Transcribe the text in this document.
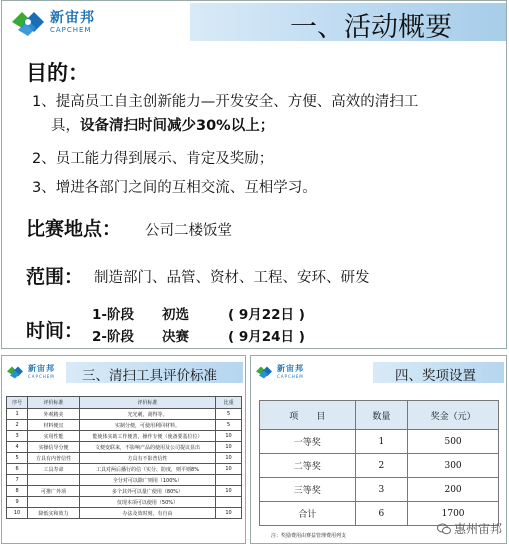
新宙邦
CAPCHEM	一、活动概要
目的：
1、提高员工自主创新能力—开发安全、方便、高效的清扫工
具，设备清扫时间减少30%以上；
2、员工能力得到展示、肯定及奖励；
3、增进各部门之间的互相交流、互相学习。
比赛地点： 公司二楼饭堂
范围： 制造部门、品管、资材、工程、安环、研发
时间：
1-阶段 初选	( 9月22日 )
2-阶段 决赛	( 9月24日 )
新宙邦
CAPCHEM 三、清扫工具评价标准
序号	评价标准	评价标准	比重
1	外观精美	光光刺，刮得等。	5
2	材料便宜	实制分便，可使用利回材料。	5
3	实用性能	能使体实助工作便善，操作专便（使备要基位位）	10
4	实操信导分便	文便变联来，不影响产品的使用及公司提议显出	10
5	方具有内普信性	方具有不影普信性	10
6	工具寿命	工具对两后播行的信（实分、防度，则平则8%	10
7		全分对可以除广则用（100%）	
8	可推广外项	多个其外可以量广使用（80%）	10
9		仅现本项可以使用（50%）	
10	降低实和效力	办法及效时刻，有自由	10
新宙邦
CAPCHEM	四、奖项设置
项　　目	数量	奖金（元）
一等奖	1	500
二等奖	2	300
三等奖	3	200
合计	6	1700
注：奖励费用由赛益管理费用列支	惠州宙邦
